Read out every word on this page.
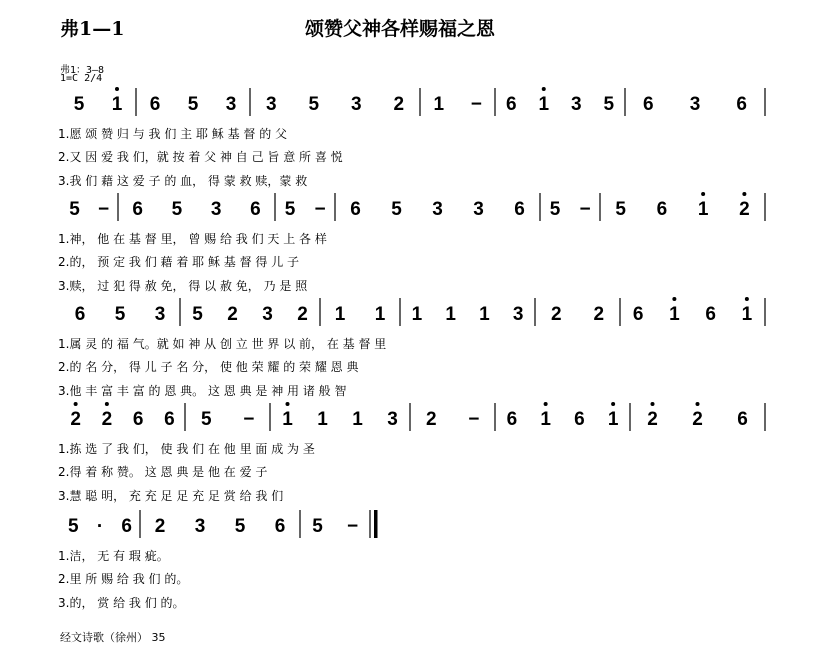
弗1—1	颂赞父神各样赐福之恩
弗1：3—8
1=C 2/4
5 1 6 5 3 3 5 3 2 1 − 6 1 3 5 6 3 6
1.愿 颂 赞 归 与 我 们 主 耶 稣 基 督 的 父
2.又 因 爱 我 们，就 按 着 父 神 自 己 旨 意 所 喜 悦
3.我 们 藉 这 爱 子 的 血， 得 蒙 救 赎，蒙 救
5 − 6 5 3 6 5 − 6 5 3 3 6 5 − 5 6 1 2
1.神， 他 在 基 督 里， 曾 赐 给 我 们 天 上 各 样
2.的， 预 定 我 们 藉 着 耶 稣 基 督 得 儿 子
3.赎， 过 犯 得 赦 免， 得 以 赦 免， 乃 是 照
6 5 3 5 2 3 2 1 1 1 1 1 3 2 2 6 1 6 1
1.属 灵 的 福 气。就 如 神 从 创 立 世 界 以 前， 在 基 督 里
2.的 名 分， 得 儿 子 名 分， 使 他 荣 耀 的 荣 耀 恩 典
3.他 丰 富 丰 富 的 恩 典。 这 恩 典 是 神 用 诸 般 智
2 2 6 6 5 − 1 1 1 3 2 − 6 1 6 1 2 2 6
1.拣 选 了 我 们， 使 我 们 在 他 里 面 成 为 圣
2.得 着 称 赞。 这 恩 典 是 他 在 爱 子
3.慧 聪 明， 充 充 足 足 充 足 赏 给 我 们
5 · 6 2 3 5 6 5 −
1.洁， 无 有 瑕 疵。
2.里 所 赐 给 我 们 的。
3.的， 赏 给 我 们 的。
经文诗歌（徐州） 35
